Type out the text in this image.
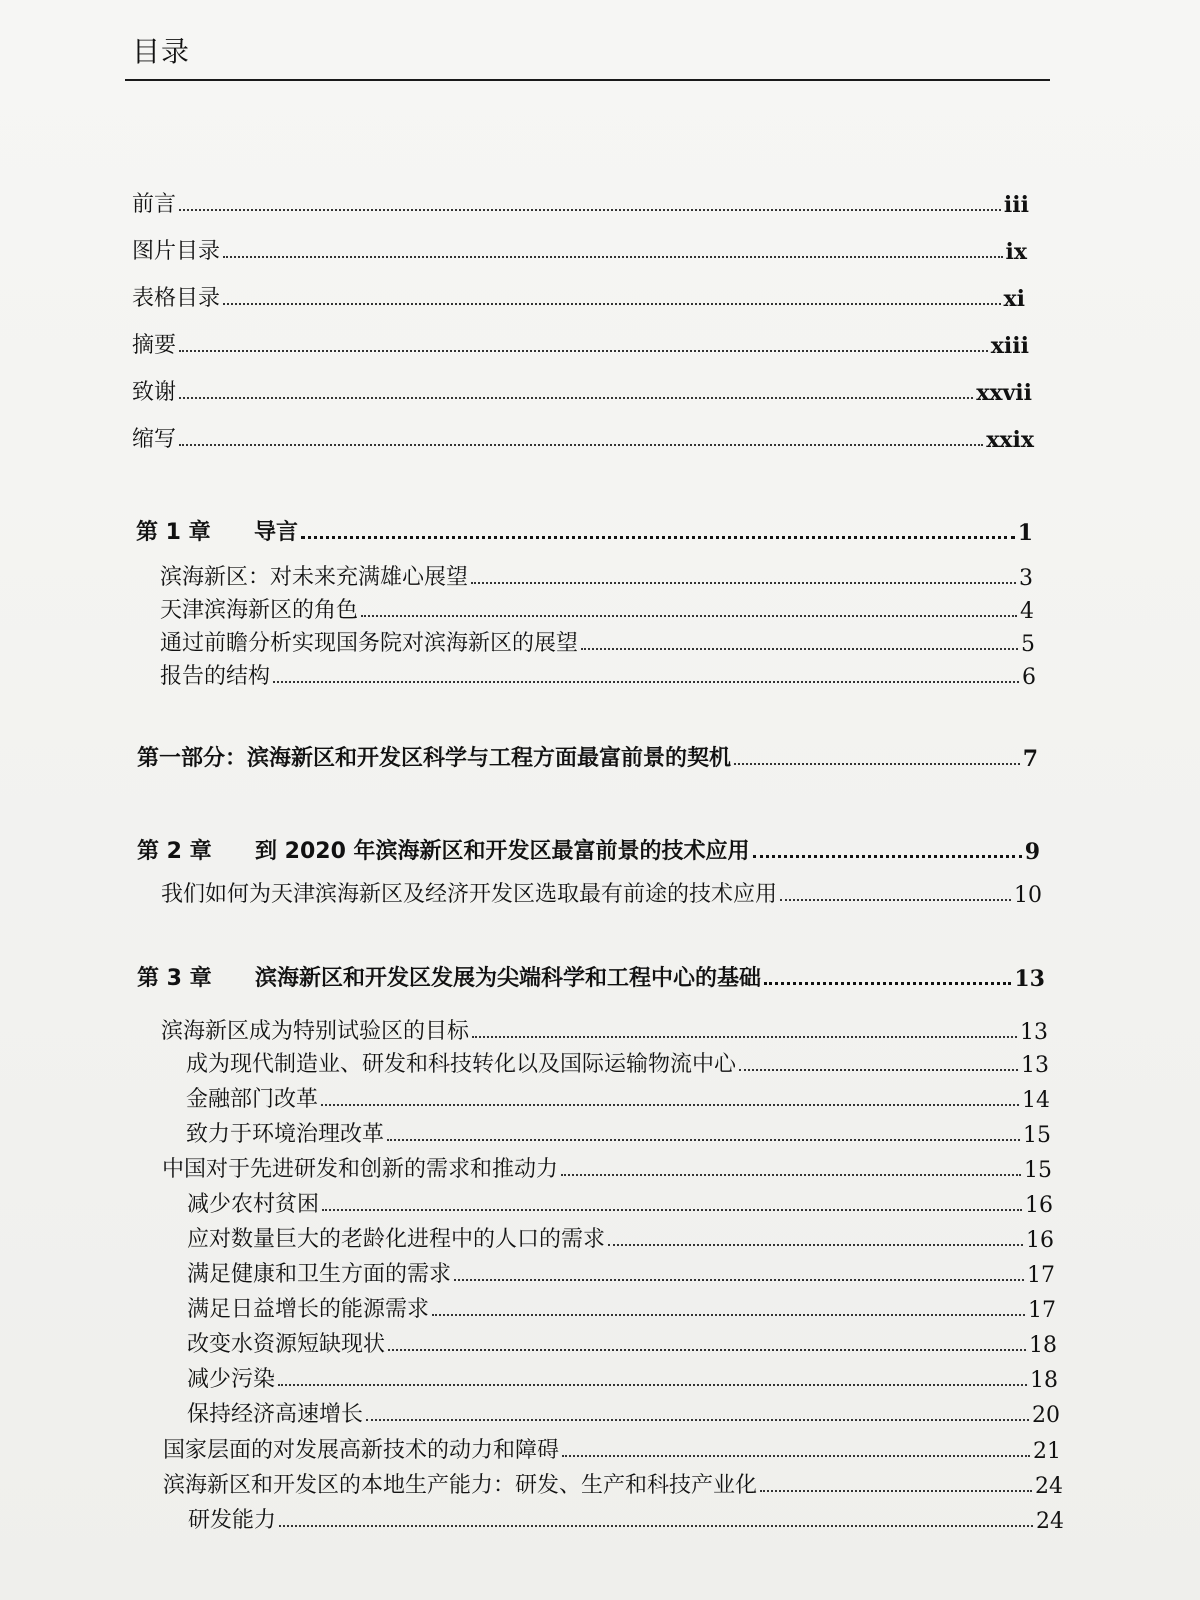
目录
前言	iii
图片目录	ix
表格目录	xi
摘要	xiii
致谢	xxvii
缩写	xxix
第 1 章 导言	1
滨海新区：对未来充满雄心展望	3
天津滨海新区的角色	4
通过前瞻分析实现国务院对滨海新区的展望	5
报告的结构	6
第一部分：滨海新区和开发区科学与工程方面最富前景的契机	7
第 2 章 到 2020 年滨海新区和开发区最富前景的技术应用	9
我们如何为天津滨海新区及经济开发区选取最有前途的技术应用	10
第 3 章 滨海新区和开发区发展为尖端科学和工程中心的基础	13
滨海新区成为特别试验区的目标	13
成为现代制造业、研发和科技转化以及国际运输物流中心	13
金融部门改革	14
致力于环境治理改革	15
中国对于先进研发和创新的需求和推动力	15
减少农村贫困	16
应对数量巨大的老龄化进程中的人口的需求	16
满足健康和卫生方面的需求	17
满足日益增长的能源需求	17
改变水资源短缺现状	18
减少污染	18
保持经济高速增长	20
国家层面的对发展高新技术的动力和障碍	21
滨海新区和开发区的本地生产能力：研发、生产和科技产业化	24
研发能力	24
